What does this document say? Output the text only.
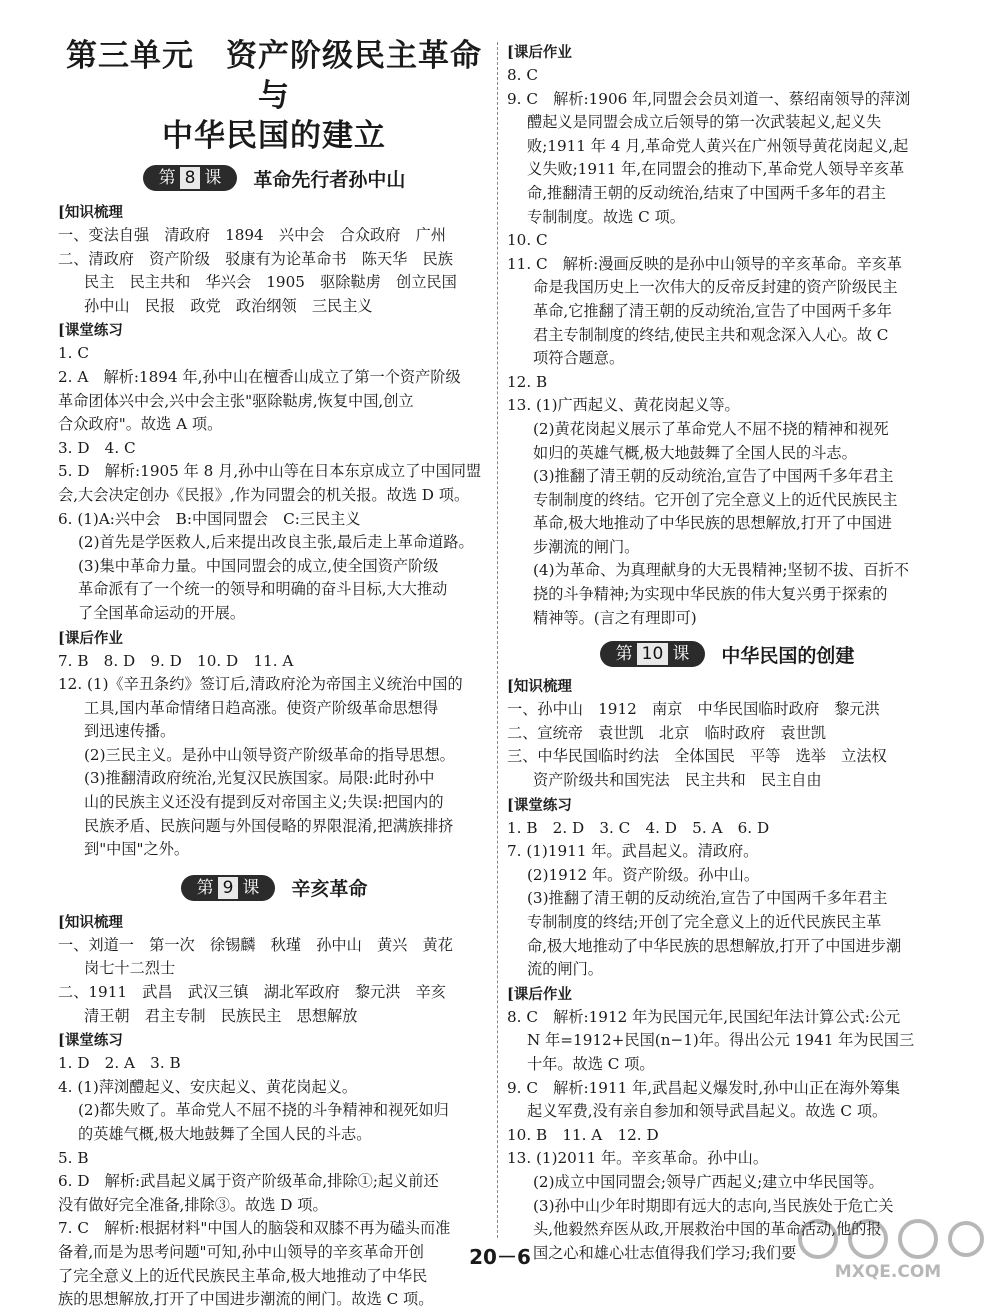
第三单元　资产阶级民主革命与
中华民国的建立
第 8 课	革命先行者孙中山
[知识梳理

一、变法自强　清政府　1894　兴中会　合众政府　广州

二、清政府　资产阶级　驳康有为论革命书　陈天华　民族

民主　民主共和　华兴会　1905　驱除鞑虏　创立民国

孙中山　民报　政党　政治纲领　三民主义

[课堂练习

1. C

2. A　解析:1894 年,孙中山在檀香山成立了第一个资产阶级

革命团体兴中会,兴中会主张"驱除鞑虏,恢复中国,创立

合众政府"。故选 A 项。

3. D　4. C

5. D　解析:1905 年 8 月,孙中山等在日本东京成立了中国同盟

会,大会决定创办《民报》,作为同盟会的机关报。故选 D 项。

6. (1)A:兴中会　B:中国同盟会　C:三民主义

(2)首先是学医救人,后来提出改良主张,最后走上革命道路。

(3)集中革命力量。中国同盟会的成立,使全国资产阶级

革命派有了一个统一的领导和明确的奋斗目标,大大推动

了全国革命运动的开展。

[课后作业

7. B　8. D　9. D　10. D　11. A

12. (1)《辛丑条约》签订后,清政府沦为帝国主义统治中国的

工具,国内革命情绪日趋高涨。使资产阶级革命思想得

到迅速传播。

(2)三民主义。是孙中山领导资产阶级革命的指导思想。

(3)推翻清政府统治,光复汉民族国家。局限:此时孙中

山的民族主义还没有提到反对帝国主义;失误:把国内的

民族矛盾、民族问题与外国侵略的界限混淆,把满族排挤

到"中国"之外。

第 9 课	辛亥革命
[知识梳理

一、刘道一　第一次　徐锡麟　秋瑾　孙中山　黄兴　黄花

岗七十二烈士

二、1911　武昌　武汉三镇　湖北军政府　黎元洪　辛亥

清王朝　君主专制　民族民主　思想解放

[课堂练习

1. D　2. A　3. B

4. (1)萍浏醴起义、安庆起义、黄花岗起义。

(2)都失败了。革命党人不屈不挠的斗争精神和视死如归

的英雄气概,极大地鼓舞了全国人民的斗志。

5. B

6. D　解析:武昌起义属于资产阶级革命,排除①;起义前还

没有做好完全准备,排除③。故选 D 项。

7. C　解析:根据材料"中国人的脑袋和双膝不再为磕头而准

备着,而是为思考问题"可知,孙中山领导的辛亥革命开创

了完全意义上的近代民族民主革命,极大地推动了中华民

族的思想解放,打开了中国进步潮流的闸门。故选 C 项。

[课后作业

8. C

9. C　解析:1906 年,同盟会会员刘道一、蔡绍南领导的萍浏

醴起义是同盟会成立后领导的第一次武装起义,起义失

败;1911 年 4 月,革命党人黄兴在广州领导黄花岗起义,起

义失败;1911 年,在同盟会的推动下,革命党人领导辛亥革

命,推翻清王朝的反动统治,结束了中国两千多年的君主

专制制度。故选 C 项。

10. C

11. C　解析:漫画反映的是孙中山领导的辛亥革命。辛亥革

命是我国历史上一次伟大的反帝反封建的资产阶级民主

革命,它推翻了清王朝的反动统治,宣告了中国两千多年

君主专制制度的终结,使民主共和观念深入人心。故 C

项符合题意。

12. B

13. (1)广西起义、黄花岗起义等。

(2)黄花岗起义展示了革命党人不屈不挠的精神和视死

如归的英雄气概,极大地鼓舞了全国人民的斗志。

(3)推翻了清王朝的反动统治,宣告了中国两千多年君主

专制制度的终结。它开创了完全意义上的近代民族民主

革命,极大地推动了中华民族的思想解放,打开了中国进

步潮流的闸门。

(4)为革命、为真理献身的大无畏精神;坚韧不拔、百折不

挠的斗争精神;为实现中华民族的伟大复兴勇于探索的

精神等。(言之有理即可)

第 10 课	中华民国的创建
[知识梳理

一、孙中山　1912　南京　中华民国临时政府　黎元洪

二、宣统帝　袁世凯　北京　临时政府　袁世凯

三、中华民国临时约法　全体国民　平等　选举　立法权

资产阶级共和国宪法　民主共和　民主自由

[课堂练习

1. B　2. D　3. C　4. D　5. A　6. D

7. (1)1911 年。武昌起义。清政府。

(2)1912 年。资产阶级。孙中山。

(3)推翻了清王朝的反动统治,宣告了中国两千多年君主

专制制度的终结;开创了完全意义上的近代民族民主革

命,极大地推动了中华民族的思想解放,打开了中国进步潮

流的闸门。

[课后作业

8. C　解析:1912 年为民国元年,民国纪年法计算公式:公元

N 年=1912+民国(n−1)年。得出公元 1941 年为民国三

十年。故选 C 项。

9. C　解析:1911 年,武昌起义爆发时,孙中山正在海外筹集

起义军费,没有亲自参加和领导武昌起义。故选 C 项。

10. B　11. A　12. D

13. (1)2011 年。辛亥革命。孙中山。

(2)成立中国同盟会;领导广西起义;建立中华民国等。

(3)孙中山少年时期即有远大的志向,当民族处于危亡关

头,他毅然弃医从政,开展救治中国的革命活动,他的报

国之心和雄心壮志值得我们学习;我们要

20－6
MXQE.COM
